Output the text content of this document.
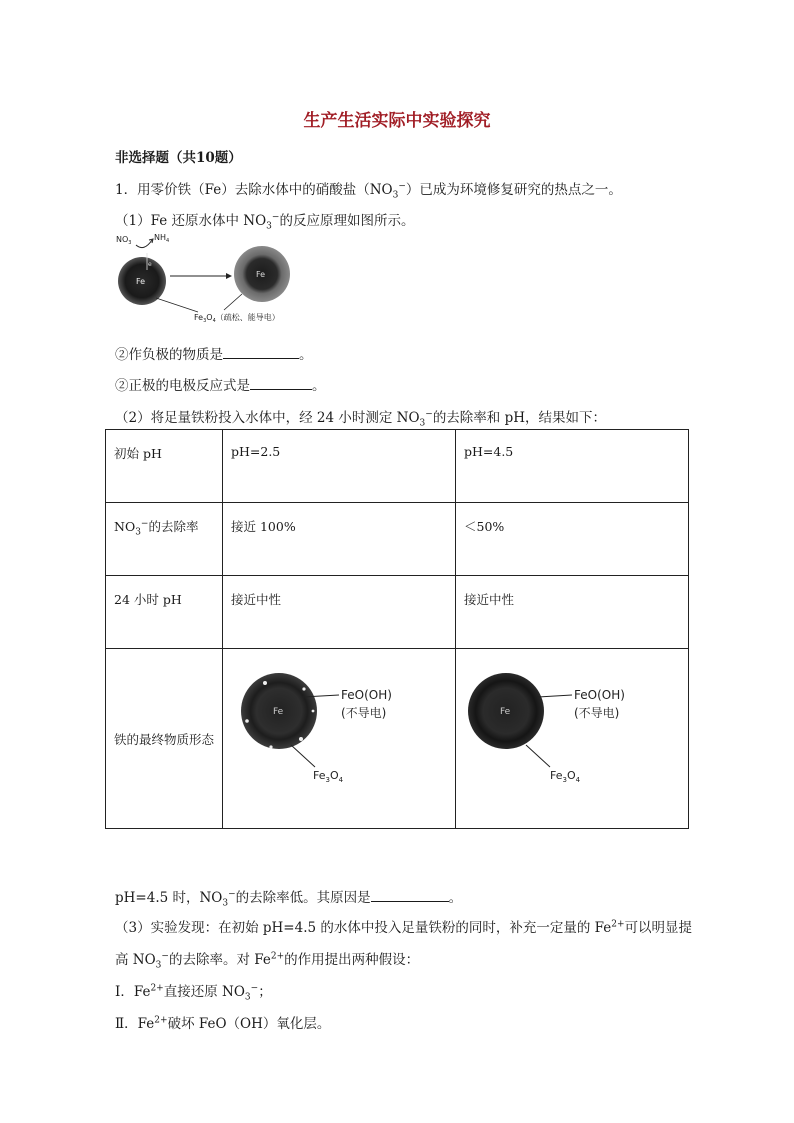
生产生活实际中实验探究
非选择题（共10题）
1．用零价铁（Fe）去除水体中的硝酸盐$(NO_3^-)$已成为环境修复研究的热点之一。
（1）Fe 还原水体中 $NO_3^-$的反应原理如图所示。
$NO_3$
$NH_4$
e
Fe
Fe
$Fe_3O_4$（疏松、能导电）
②作负极的物质是	。
②正极的电极反应式是	。
（2）将足量铁粉投入水体中，经 24 小时测定 $NO_3^-$的去除率和 pH，结果如下：
初始 pH	pH=2.5	pH=4.5
$NO_3^-$的去除率	接近 100%	＜50%
24 小时 pH	接近中性	接近中性
铁的最终物质形态	Fe
FeO(OH)
(不导电)
$Fe_3O_4$	Fe
FeO(OH)
(不导电)
$Fe_3O_4$
pH=4.5 时，$NO_3^-$的去除率低。其原因是	。
（3）实验发现：在初始 pH=4.5 的水体中投入足量铁粉的同时，补充一定量的 $Fe^{2+}$可以明显提
高 $NO_3^-$的去除率。对 $Fe^{2+}$的作用提出两种假设：
Ⅰ．$Fe^{2+}$直接还原 $NO_3^-$；
Ⅱ．$Fe^{2+}$破坏 FeO（OH）氧化层。
